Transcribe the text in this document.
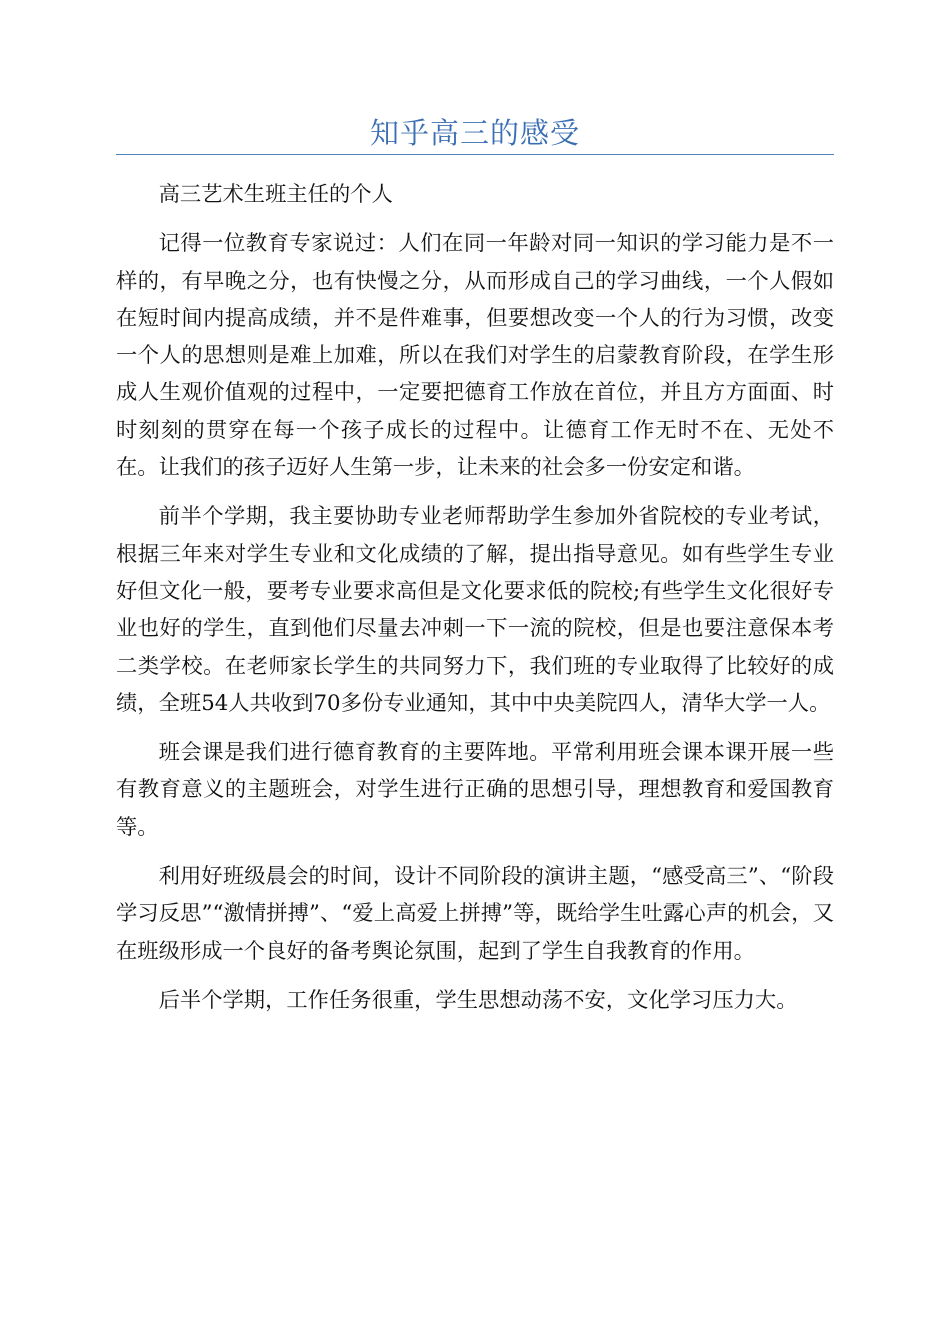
知乎高三的感受

高三艺术生班主任的个人

记得一位教育专家说过：人们在同一年龄对同一知识的学习能力是不一样的，有早晚之分，也有快慢之分，从而形成自己的学习曲线，一个人假如在短时间内提高成绩，并不是件难事，但要想改变一个人的行为习惯，改变一个人的思想则是难上加难，所以在我们对学生的启蒙教育阶段，在学生形成人生观价值观的过程中，一定要把德育工作放在首位，并且方方面面、时时刻刻的贯穿在每一个孩子成长的过程中。让德育工作无时不在、无处不在。让我们的孩子迈好人生第一步，让未来的社会多一份安定和谐。

前半个学期，我主要协助专业老师帮助学生参加外省院校的专业考试，根据三年来对学生专业和文化成绩的了解，提出指导意见。如有些学生专业好但文化一般，要考专业要求高但是文化要求低的院校;有些学生文化很好专业也好的学生，直到他们尽量去冲刺一下一流的院校，但是也要注意保本考二类学校。在老师家长学生的共同努力下，我们班的专业取得了比较好的成绩，全班54人共收到70多份专业通知，其中中央美院四人，清华大学一人。

班会课是我们进行德育教育的主要阵地。平常利用班会课本课开展一些有教育意义的主题班会，对学生进行正确的思想引导，理想教育和爱国教育等。

利用好班级晨会的时间，设计不同阶段的演讲主题，“感受高三”、“阶段学习反思”“激情拼搏”、“爱上高爱上拼搏”等，既给学生吐露心声的机会，又在班级形成一个良好的备考舆论氛围，起到了学生自我教育的作用。

后半个学期，工作任务很重，学生思想动荡不安，文化学习压力大。
